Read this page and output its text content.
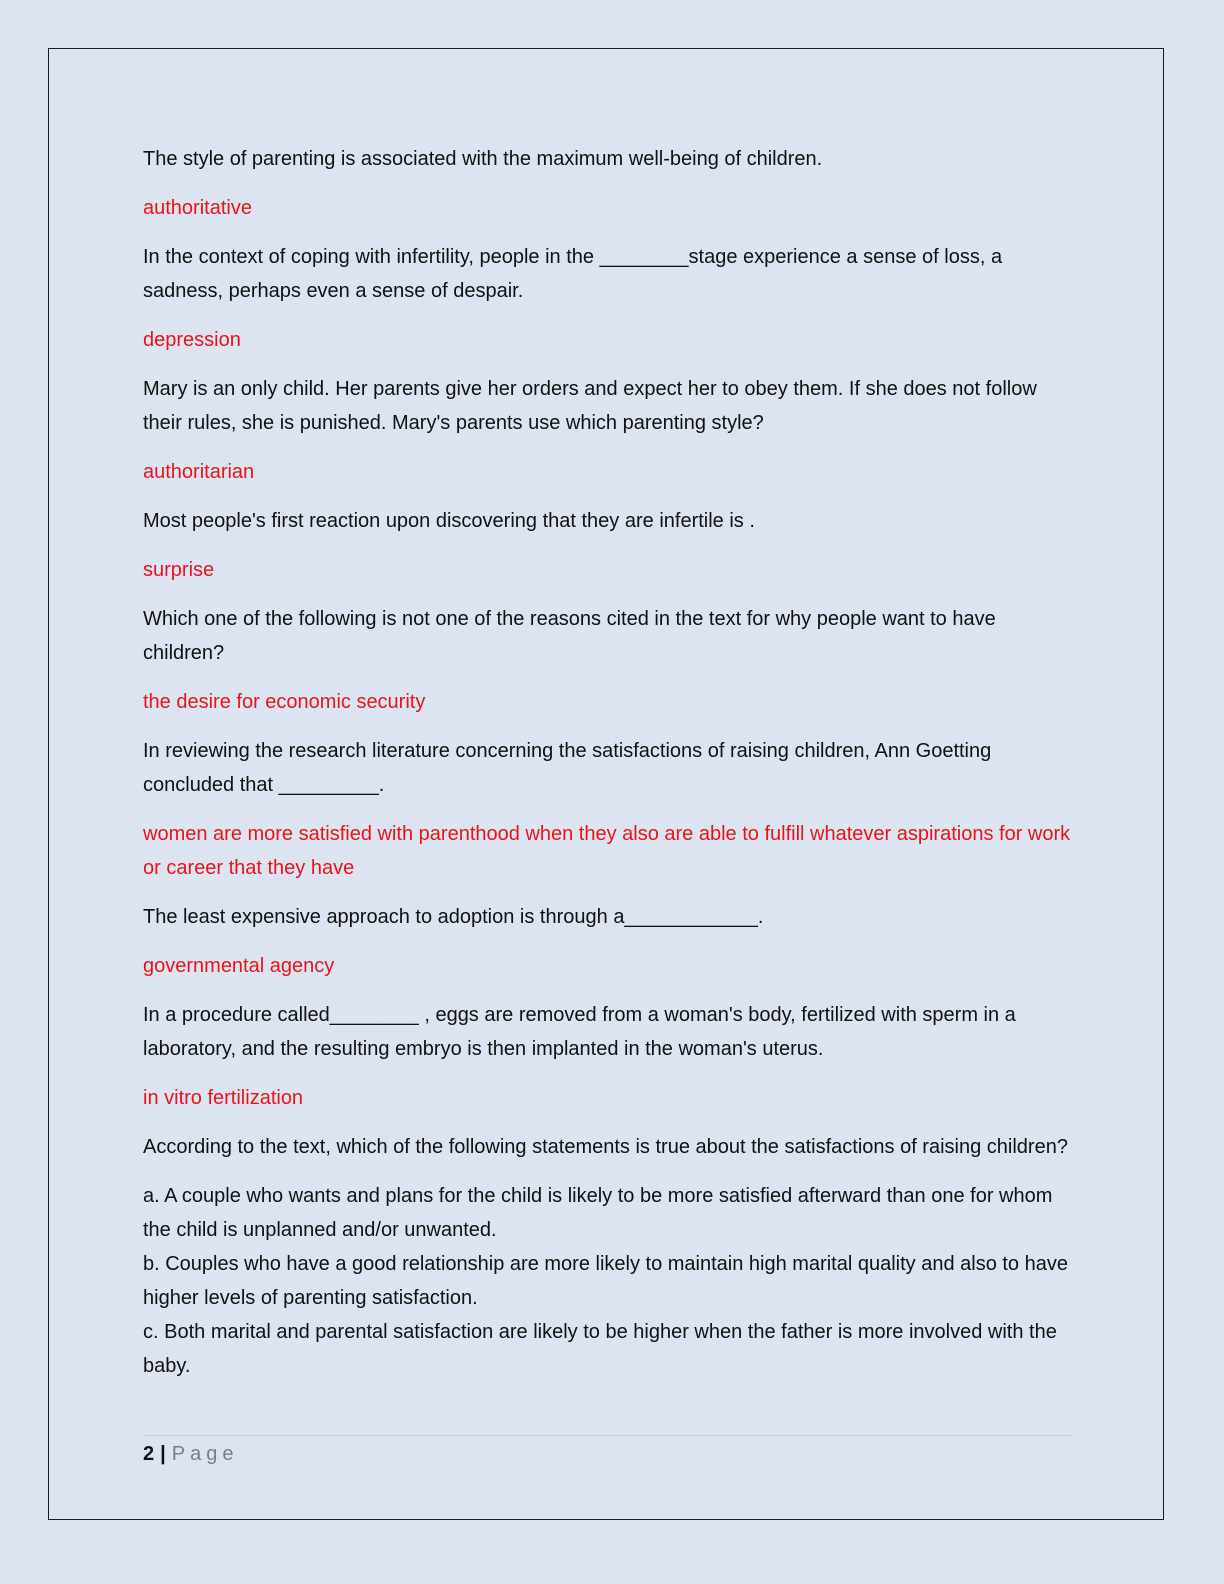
The style of parenting is associated with the maximum well-being of children.

authoritative

In the context of coping with infertility, people in the ________stage experience a sense of loss, a sadness, perhaps even a sense of despair.

depression

Mary is an only child. Her parents give her orders and expect her to obey them. If she does not follow their rules, she is punished. Mary's parents use which parenting style?

authoritarian

Most people's first reaction upon discovering that they are infertile is .

surprise

Which one of the following is not one of the reasons cited in the text for why people want to have children?

the desire for economic security

In reviewing the research literature concerning the satisfactions of raising children, Ann Goetting concluded that _________.

women are more satisfied with parenthood when they also are able to fulfill whatever aspirations for work or career that they have

The least expensive approach to adoption is through a____________.

governmental agency

In a procedure called________ , eggs are removed from a woman's body, fertilized with sperm in a laboratory, and the resulting embryo is then implanted in the woman's uterus.

in vitro fertilization

According to the text, which of the following statements is true about the satisfactions of raising children?

a. A couple who wants and plans for the child is likely to be more satisfied afterward than one for whom the child is unplanned and/or unwanted.

b. Couples who have a good relationship are more likely to maintain high marital quality and also to have higher levels of parenting satisfaction.

c. Both marital and parental satisfaction are likely to be higher when the father is more involved with the baby.

2 | Page
